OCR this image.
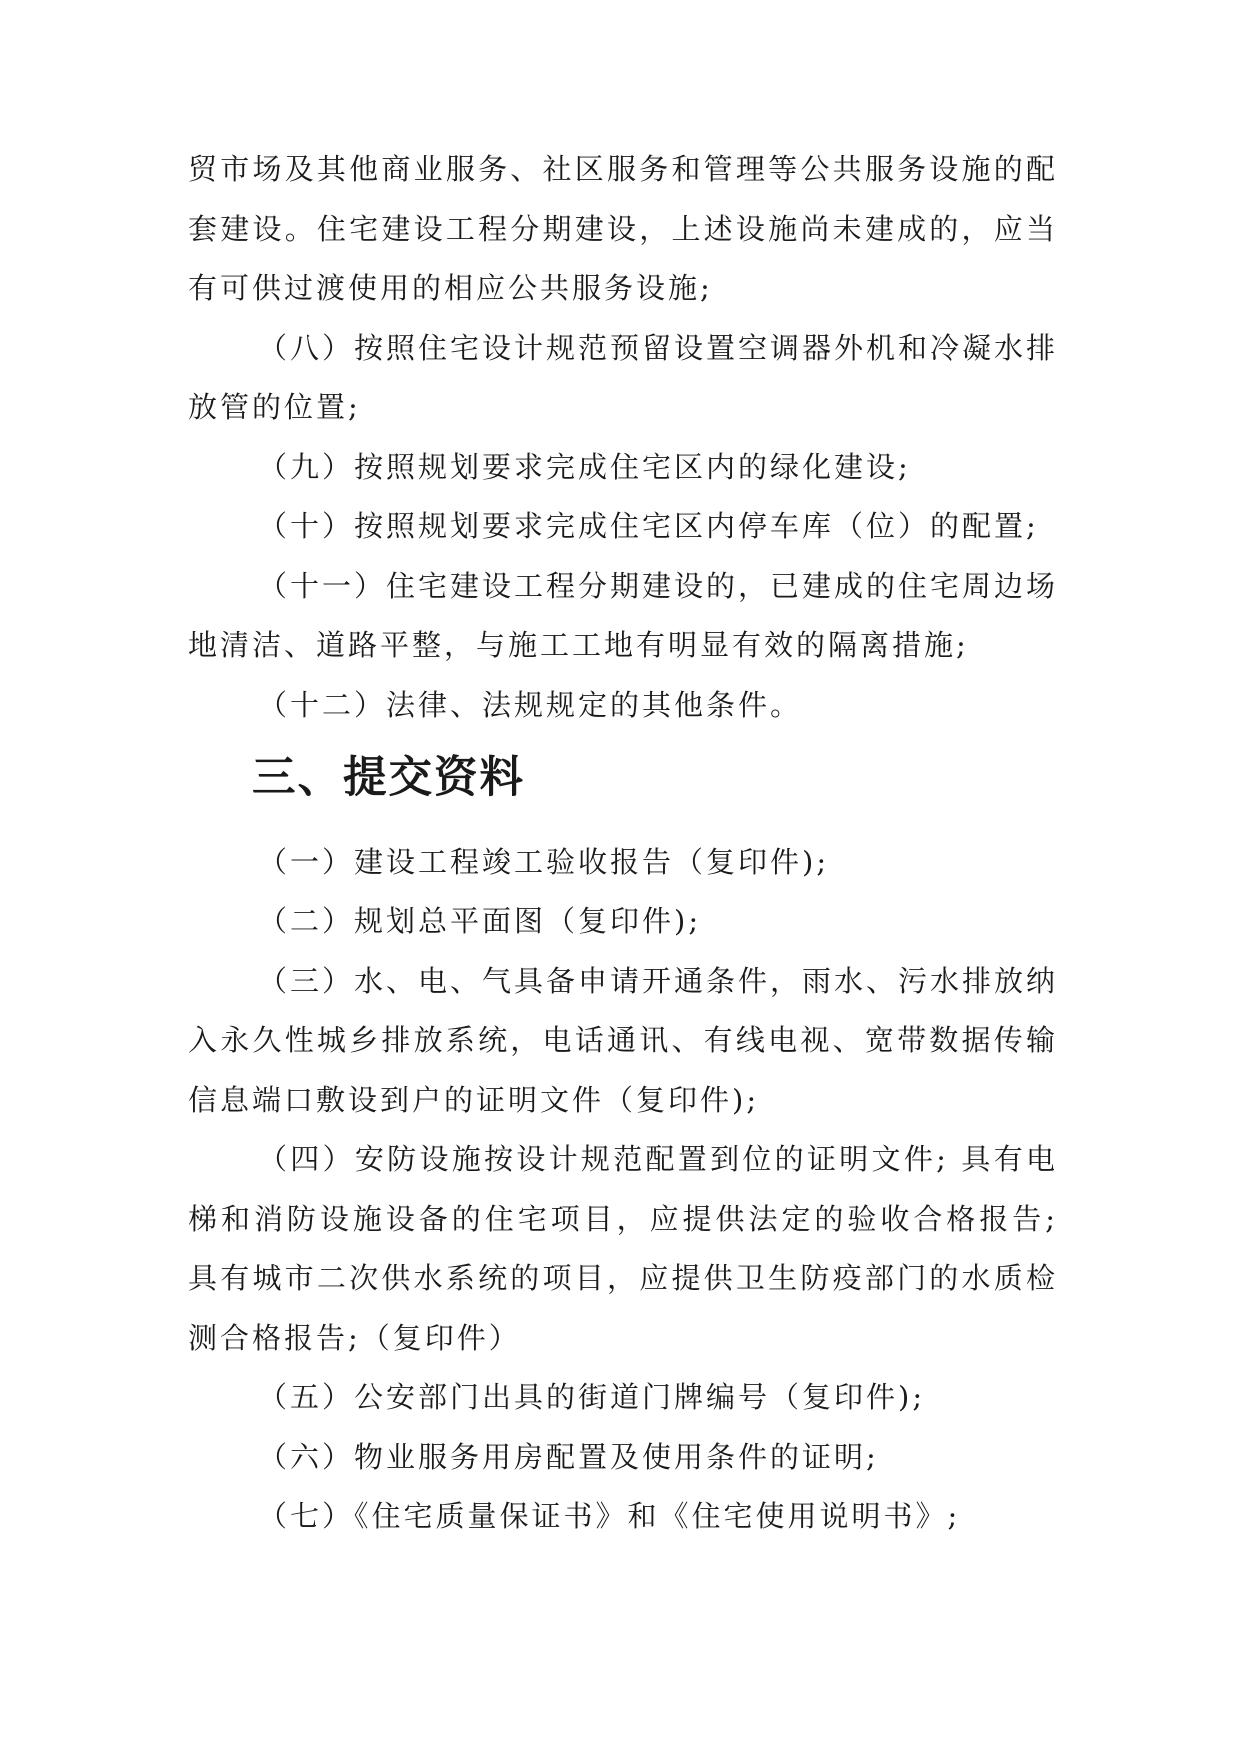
贸市场及其他商业服务、社区服务和管理等公共服务设施的配套建设。住宅建设工程分期建设，上述设施尚未建成的，应当有可供过渡使用的相应公共服务设施;

（八）按照住宅设计规范预留设置空调器外机和冷凝水排放管的位置;

（九）按照规划要求完成住宅区内的绿化建设;

（十）按照规划要求完成住宅区内停车库（位）的配置;

（十一）住宅建设工程分期建设的，已建成的住宅周边场地清洁、道路平整，与施工工地有明显有效的隔离措施;

（十二）法律、法规规定的其他条件。

三、提交资料

（一）建设工程竣工验收报告（复印件);

（二）规划总平面图（复印件);

（三）水、电、气具备申请开通条件，雨水、污水排放纳入永久性城乡排放系统，电话通讯、有线电视、宽带数据传输信息端口敷设到户的证明文件（复印件);

（四）安防设施按设计规范配置到位的证明文件; 具有电梯和消防设施设备的住宅项目，应提供法定的验收合格报告; 具有城市二次供水系统的项目，应提供卫生防疫部门的水质检测合格报告;（复印件）

（五）公安部门出具的街道门牌编号（复印件);

（六）物业服务用房配置及使用条件的证明;

（七）《住宅质量保证书》和《住宅使用说明书》;
